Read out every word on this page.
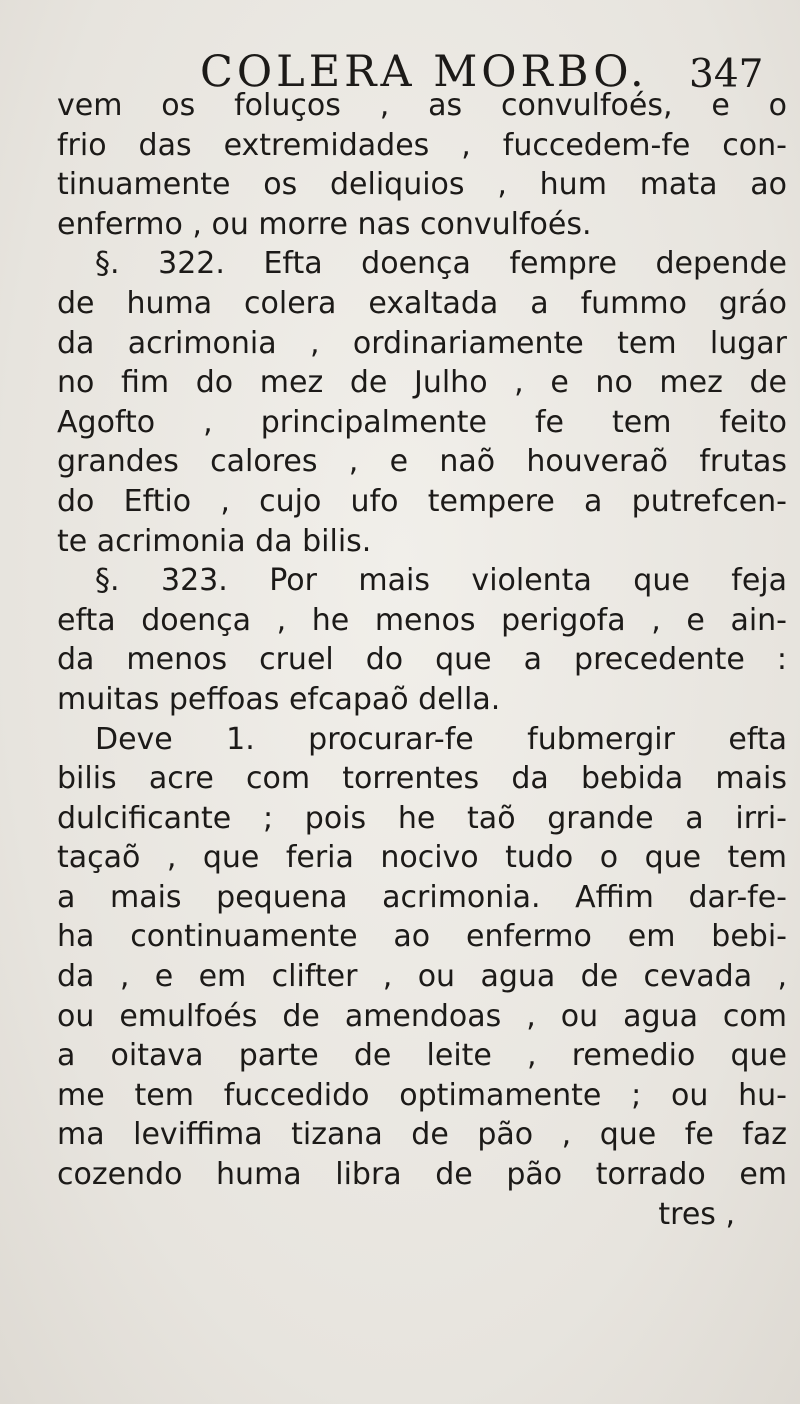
COLERA MORBO. 347
vem os foluços , as convulfoés, e o
frio das extremidades , fuccedem-fe con-
tinuamente os deliquios , hum mata ao
enfermo , ou morre nas convulfoés.
§. 322. Efta doença fempre depende
de huma colera exaltada a fummo gráo
da acrimonia , ordinariamente tem lugar
no fim do mez de Julho , e no mez de
Agofto , principalmente fe tem feito
grandes calores , e naõ houveraõ frutas
do Eftio , cujo ufo tempere a putrefcen-
te acrimonia da bilis.
§. 323. Por mais violenta que feja
efta doença , he menos perigofa , e ain-
da menos cruel do que a precedente :
muitas peffoas efcapaõ della.
Deve 1. procurar-fe fubmergir efta
bilis acre com torrentes da bebida mais
dulcificante ; pois he taõ grande a irri-
taçaõ , que feria nocivo tudo o que tem
a mais pequena acrimonia. Affim dar-fe-
ha continuamente ao enfermo em bebi-
da , e em clifter , ou agua de cevada ,
ou emulfoés de amendoas , ou agua com
a oitava parte de leite , remedio que
me tem fuccedido optimamente ; ou hu-
ma leviffima tizana de pão , que fe faz
cozendo huma libra de pão torrado em
tres ,
